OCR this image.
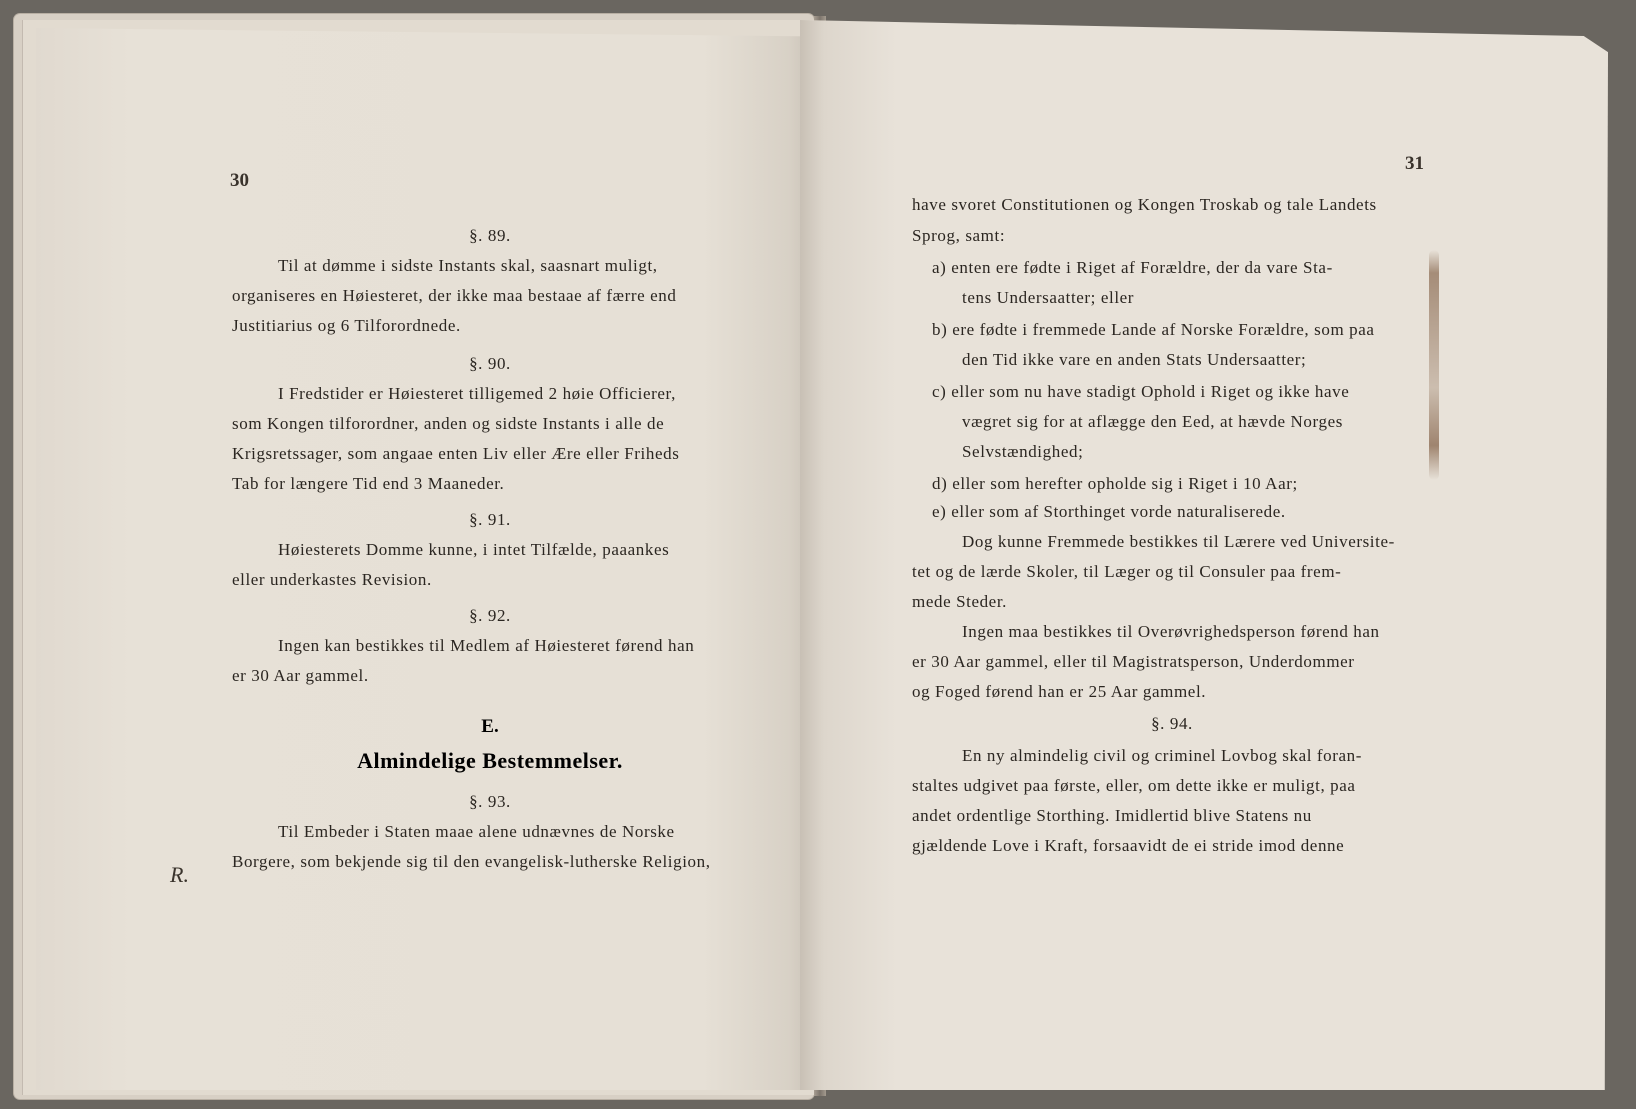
30
§. 89.
Til at dømme i sidste Instants skal, saasnart muligt,
organiseres en Høiesteret, der ikke maa bestaae af færre end
Justitiarius og 6 Tilforordnede.
§. 90.
I Fredstider er Høiesteret tilligemed 2 høie Officierer,
som Kongen tilforordner, anden og sidste Instants i alle de
Krigsretssager, som angaae enten Liv eller Ære eller Friheds
Tab for længere Tid end 3 Maaneder.
§. 91.
Høiesterets Domme kunne, i intet Tilfælde, paaankes
eller underkastes Revision.
§. 92.
Ingen kan bestikkes til Medlem af Høiesteret førend han
er 30 Aar gammel.
E.
Almindelige Bestemmelser.
§. 93.
Til Embeder i Staten maae alene udnævnes de Norske
Borgere, som bekjende sig til den evangelisk-lutherske Religion,
R.
31
have svoret Constitutionen og Kongen Troskab og tale Landets
Sprog, samt:
a) enten ere fødte i Riget af Forældre, der da vare Sta-
tens Undersaatter; eller
b) ere fødte i fremmede Lande af Norske Forældre, som paa
den Tid ikke vare en anden Stats Undersaatter;
c) eller som nu have stadigt Ophold i Riget og ikke have
vægret sig for at aflægge den Eed, at hævde Norges
Selvstændighed;
d) eller som herefter opholde sig i Riget i 10 Aar;
e) eller som af Storthinget vorde naturaliserede.
Dog kunne Fremmede bestikkes til Lærere ved Universite-
tet og de lærde Skoler, til Læger og til Consuler paa frem-
mede Steder.
Ingen maa bestikkes til Overøvrighedsperson førend han
er 30 Aar gammel, eller til Magistratsperson, Underdommer
og Foged førend han er 25 Aar gammel.
§. 94.
En ny almindelig civil og criminel Lovbog skal foran-
staltes udgivet paa første, eller, om dette ikke er muligt, paa
andet ordentlige Storthing. Imidlertid blive Statens nu
gjældende Love i Kraft, forsaavidt de ei stride imod denne
